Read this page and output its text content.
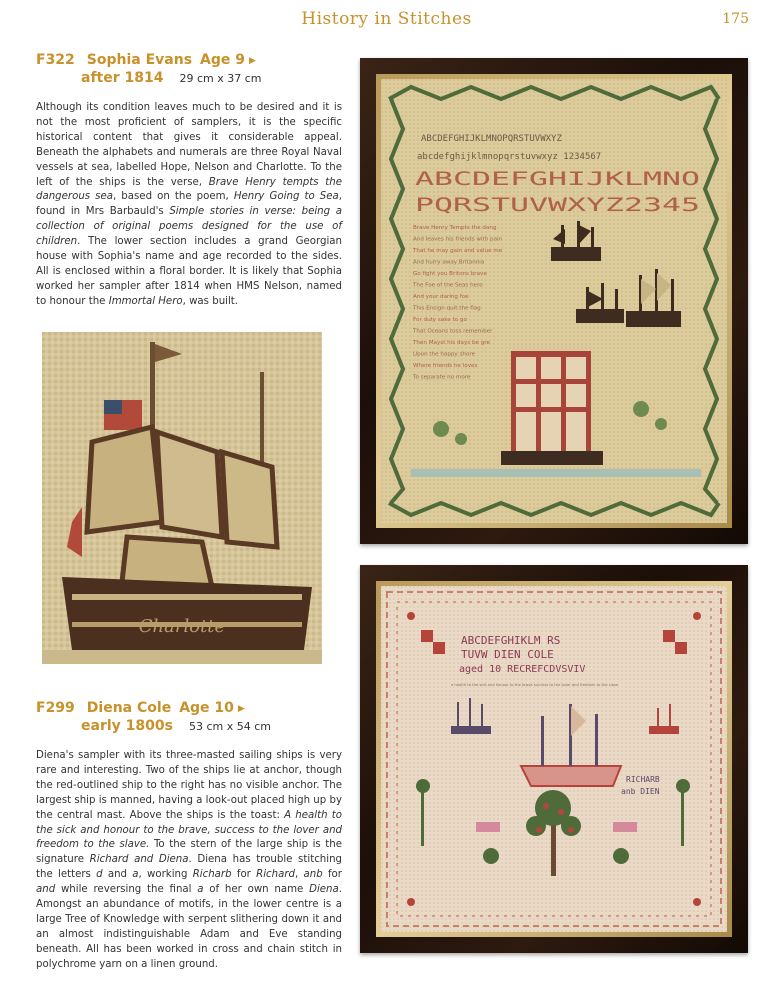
History in Stitches	175
F322 Sophia Evans Age 9 ▶
after 1814 29 cm x 37 cm

Although its condition leaves much to be desired and it is not the most proficient of samplers, it is the specific historical content that gives it considerable appeal. Beneath the alphabets and numerals are three Royal Naval vessels at sea, labelled Hope, Nelson and Charlotte. To the left of the ships is the verse, Brave Henry tempts the dangerous sea, based on the poem, Henry Going to Sea, found in Mrs Barbauld's Simple stories in verse: being a collection of original poems designed for the use of children. The lower section includes a grand Georgian house with Sophia's name and age recorded to the sides. All is enclosed within a floral border. It is likely that Sophia worked her sampler after 1814 when HMS Nelson, named to honour the Immortal Hero, was built.

Charlotte
F299 Diena Cole Age 10 ▶
early 1800s 53 cm x 54 cm

Diena's sampler with its three-masted sailing ships is very rare and interesting. Two of the ships lie at anchor, though the red-outlined ship to the right has no visible anchor. The largest ship is manned, having a look-out placed high up by the central mast. Above the ships is the toast: A health to the sick and honour to the brave, success to the lover and freedom to the slave. To the stern of the large ship is the signature Richard and Diena. Diena has trouble stitching the letters d and a, working Richarb for Richard, anb for and while reversing the final a of her own name Diena. Amongst an abundance of motifs, in the lower centre is a large Tree of Knowledge with serpent slithering down it and an almost indistinguishable Adam and Eve standing beneath. All has been worked in cross and chain stitch in polychrome yarn on a linen ground.

ABCDEFGHIJKLMNOPQRSTUVWXYZ
abcdefghijklmnopqrstuvwxyz 1234567
ABCDEFGHIJKLMNO
PQRSTUVWXYZ2345
Brave Henry Tempts the dang
And leaves his friends with pain
That he may gain and value me
And hurry away Britannia
Go fight you Britons brave
The Foe of the Seas hero
And your daring foe
This Ensign quit the flag
For duty sake to go
That Oceans toss remember
Then Mayst his days be gre
Upon the happy shore
Where friends he loves
To separate no more
ABCDEFGHIKLM RS
TUVW DIEN COLE
aged 10 RECREFCDVSVIV
a health to the sick and honour to the brave success to the lover and freedom to the slave
RICHARB
anb DIEN
